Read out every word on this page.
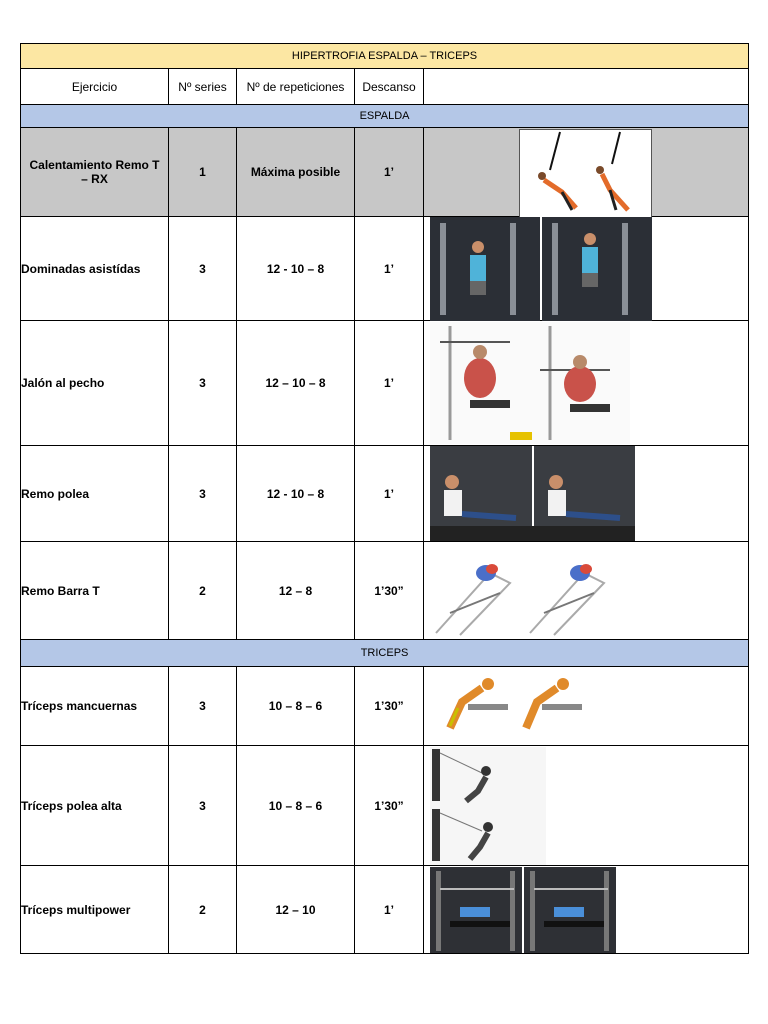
HIPERTROFIA ESPALDA – TRICEPS				
Ejercicio	Nº series	Nº de repeticiones	Descanso	
ESPALDA				
Calentamiento Remo T – RX	1	Máxima posible	1’	

Dominadas asistídas	3	12 - 10 – 8	1’	

Jalón al pecho	3	12 – 10 – 8	1’	

Remo polea	3	12 - 10 – 8	1’	

Remo Barra T	2	12 – 8	1’30”	

TRICEPS				
Tríceps mancuernas	3	10 – 8 – 6	1’30”	

Tríceps polea alta	3	10 – 8 – 6	1’30”	

Tríceps multipower	2	12 – 10	1’	
